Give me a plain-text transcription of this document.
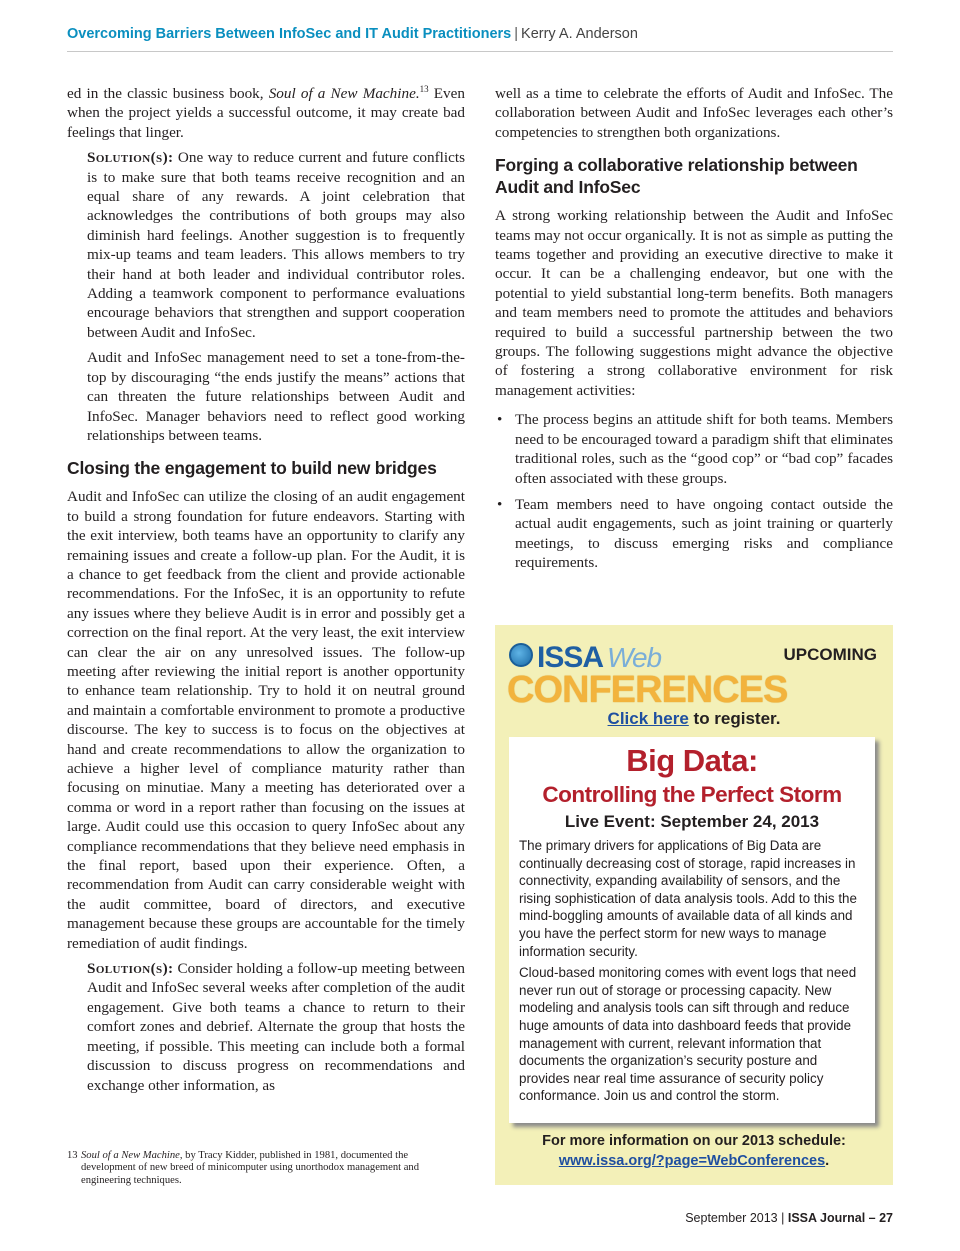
Overcoming Barriers Between InfoSec and IT Audit Practitioners | Kerry A. Anderson

ed in the classic business book, Soul of a New Machine.$^{13}$ Even when the project yields a successful outcome, it may create bad feelings that linger.

Solution(s): One way to reduce current and future conflicts is to make sure that both teams receive recognition and an equal share of any rewards. A joint celebration that acknowledges the contributions of both groups may also diminish hard feelings. Another suggestion is to frequently mix-up teams and team leaders. This allows members to try their hand at both leader and individual contributor roles. Adding a teamwork component to performance evaluations encourage behaviors that strengthen and support cooperation between Audit and InfoSec.

Audit and InfoSec management need to set a tone-from-the-top by discouraging “the ends justify the means” actions that can threaten the future relationships between Audit and InfoSec. Manager behaviors need to reflect good working relationships between teams.

Closing the engagement to build new bridges

Audit and InfoSec can utilize the closing of an audit engagement to build a strong foundation for future endeavors. Starting with the exit interview, both teams have an opportunity to clarify any remaining issues and create a follow-up plan. For the Audit, it is a chance to get feedback from the client and provide actionable recommendations. For the InfoSec, it is an opportunity to refute any issues where they believe Audit is in error and possibly get a correction on the final report. At the very least, the exit interview can clear the air on any unresolved issues. The follow-up meeting after reviewing the initial report is another opportunity to enhance team relationship. Try to hold it on neutral ground and maintain a comfortable environment to promote a productive discourse. The key to success is to focus on the objectives at hand and create recommendations to allow the organization to achieve a higher level of compliance maturity rather than focusing on minutiae. Many a meeting has deteriorated over a comma or word in a report rather than focusing on the issues at large. Audit could use this occasion to query InfoSec about any compliance recommendations that they believe need emphasis in the final report, based upon their experience. Often, a recommendation from Audit can carry considerable weight with the audit committee, board of directors, and executive management because these groups are accountable for the timely remediation of audit findings.

Solution(s): Consider holding a follow-up meeting between Audit and InfoSec several weeks after completion of the audit engagement. Give both teams a chance to return to their comfort zones and debrief. Alternate the group that hosts the meeting, if possible. This meeting can include both a formal discussion to discuss progress on recommendations and exchange other information, as

well as a time to celebrate the efforts of Audit and InfoSec. The collaboration between Audit and InfoSec leverages each other’s competencies to strengthen both organizations.

Forging a collaborative relationship between Audit and InfoSec

A strong working relationship between the Audit and InfoSec teams may not occur organically. It is not as simple as putting the teams together and providing an executive directive to make it occur. It can be a challenging endeavor, but one with the potential to yield substantial long-term benefits. Both managers and team members need to promote the attitudes and behaviors required to build a successful partnership between the two groups. The following suggestions might advance the objective of fostering a strong collaborative environment for risk management activities:

• The process begins an attitude shift for both teams. Members need to be encouraged toward a paradigm shift that eliminates traditional roles, such as the “good cop” or “bad cop” facades often associated with these groups.
• Team members need to have ongoing contact outside the actual audit engagements, such as joint training or quarterly meetings, to discuss emerging risks and compliance requirements.
13 Soul of a New Machine, by Tracy Kidder, published in 1981, documented the development of new breed of minicomputer using unorthodox management and engineering techniques.
ISSA Web	UPCOMING
CONFERENCES
Click here to register.
Big Data:
Controlling the Perfect Storm
Live Event: September 24, 2013

The primary drivers for applications of Big Data are continually decreasing cost of storage, rapid increases in connectivity, expanding availability of sensors, and the rising sophistication of data analysis tools. Add to this the mind-boggling amounts of available data of all kinds and you have the perfect storm for new ways to manage information security.

Cloud-based monitoring comes with event logs that need never run out of storage or processing capacity. New modeling and analysis tools can sift through and reduce huge amounts of data into dashboard feeds that provide management with current, relevant information that documents the organization’s security posture and provides near real time assurance of security policy conformance. Join us and control the storm.

For more information on our 2013 schedule:
www.issa.org/?page=WebConferences.
September 2013 | ISSA Journal – 27
